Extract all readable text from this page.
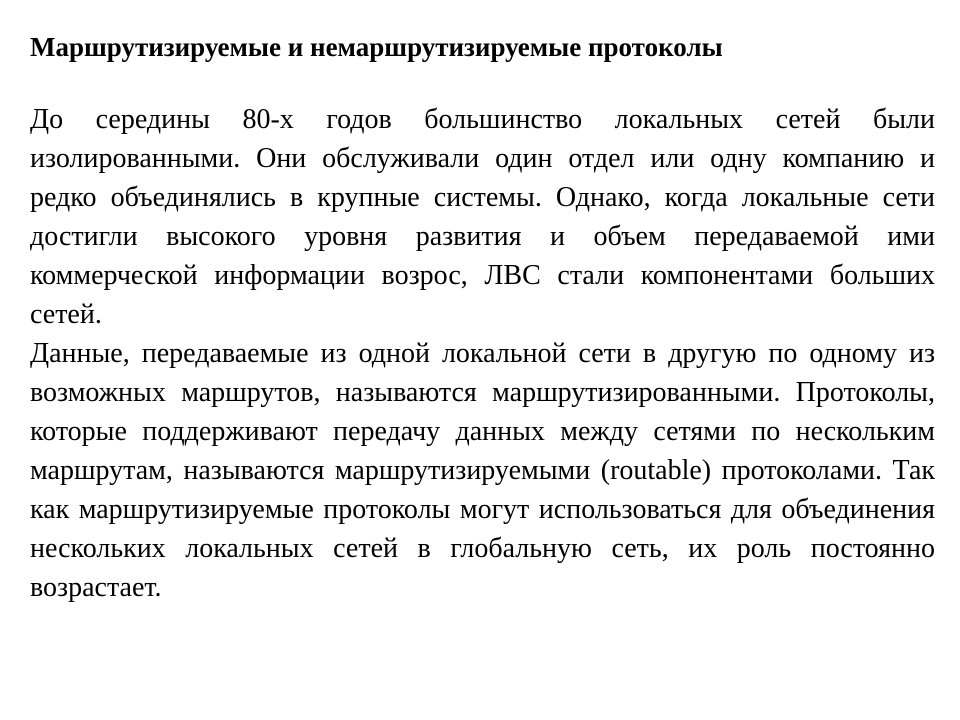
Маршрутизируемые и немаршрутизируемые протоколы

До середины 80-х годов большинство локальных сетей были изолированными. Они обслуживали один отдел или одну компанию и редко объединялись в крупные системы. Однако, когда локальные сети достигли высокого уровня развития и объем передаваемой ими коммерческой информации возрос, ЛВС стали компонентами больших сетей.

Данные, передаваемые из одной локальной сети в другую по одному из возможных маршрутов, называются маршрутизированными. Протоколы, которые поддерживают передачу данных между сетями по нескольким маршрутам, называются маршрутизируемыми (routable) протоколами. Так как маршрутизируемые протоколы могут использоваться для объединения нескольких локальных сетей в глобальную сеть, их роль постоянно возрастает.
